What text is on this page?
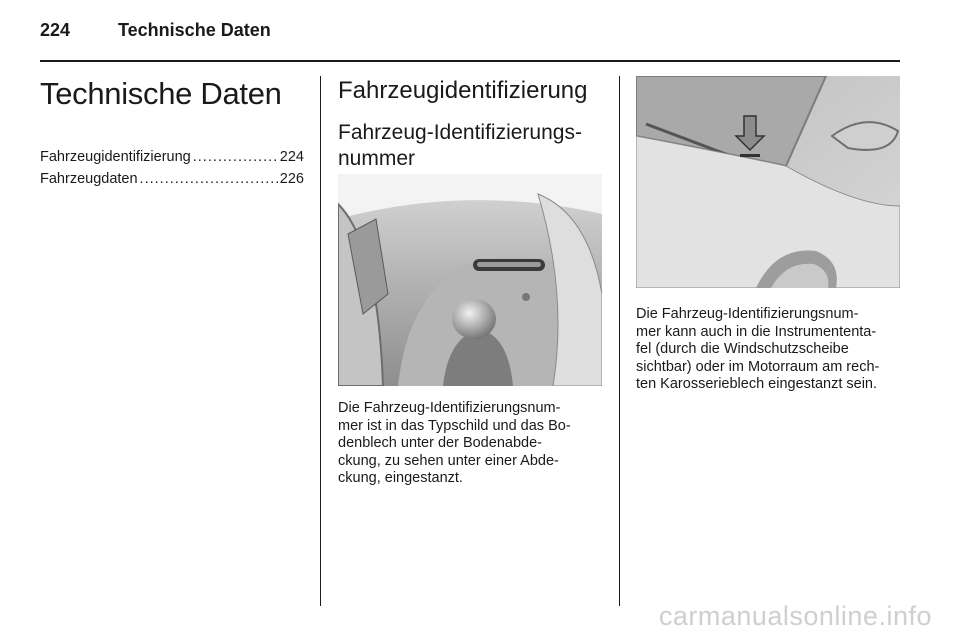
224	Technische Daten
Technische Daten
Fahrzeugidentifizierung .....	224
Fahrzeugdaten .....	226
Fahrzeugidentifizierung
Fahrzeug-Identifizierungs-
nummer
Die Fahrzeug-Identifizierungsnum-
mer ist in das Typschild und das Bo-
denblech unter der Bodenabde-
ckung, zu sehen unter einer Abde-
ckung, eingestanzt.
Die Fahrzeug-Identifizierungsnum-
mer kann auch in die Instrumententa-
fel (durch die Windschutzscheibe
sichtbar) oder im Motorraum am rech-
ten Karosserieblech eingestanzt sein.
carmanualsonline.info
